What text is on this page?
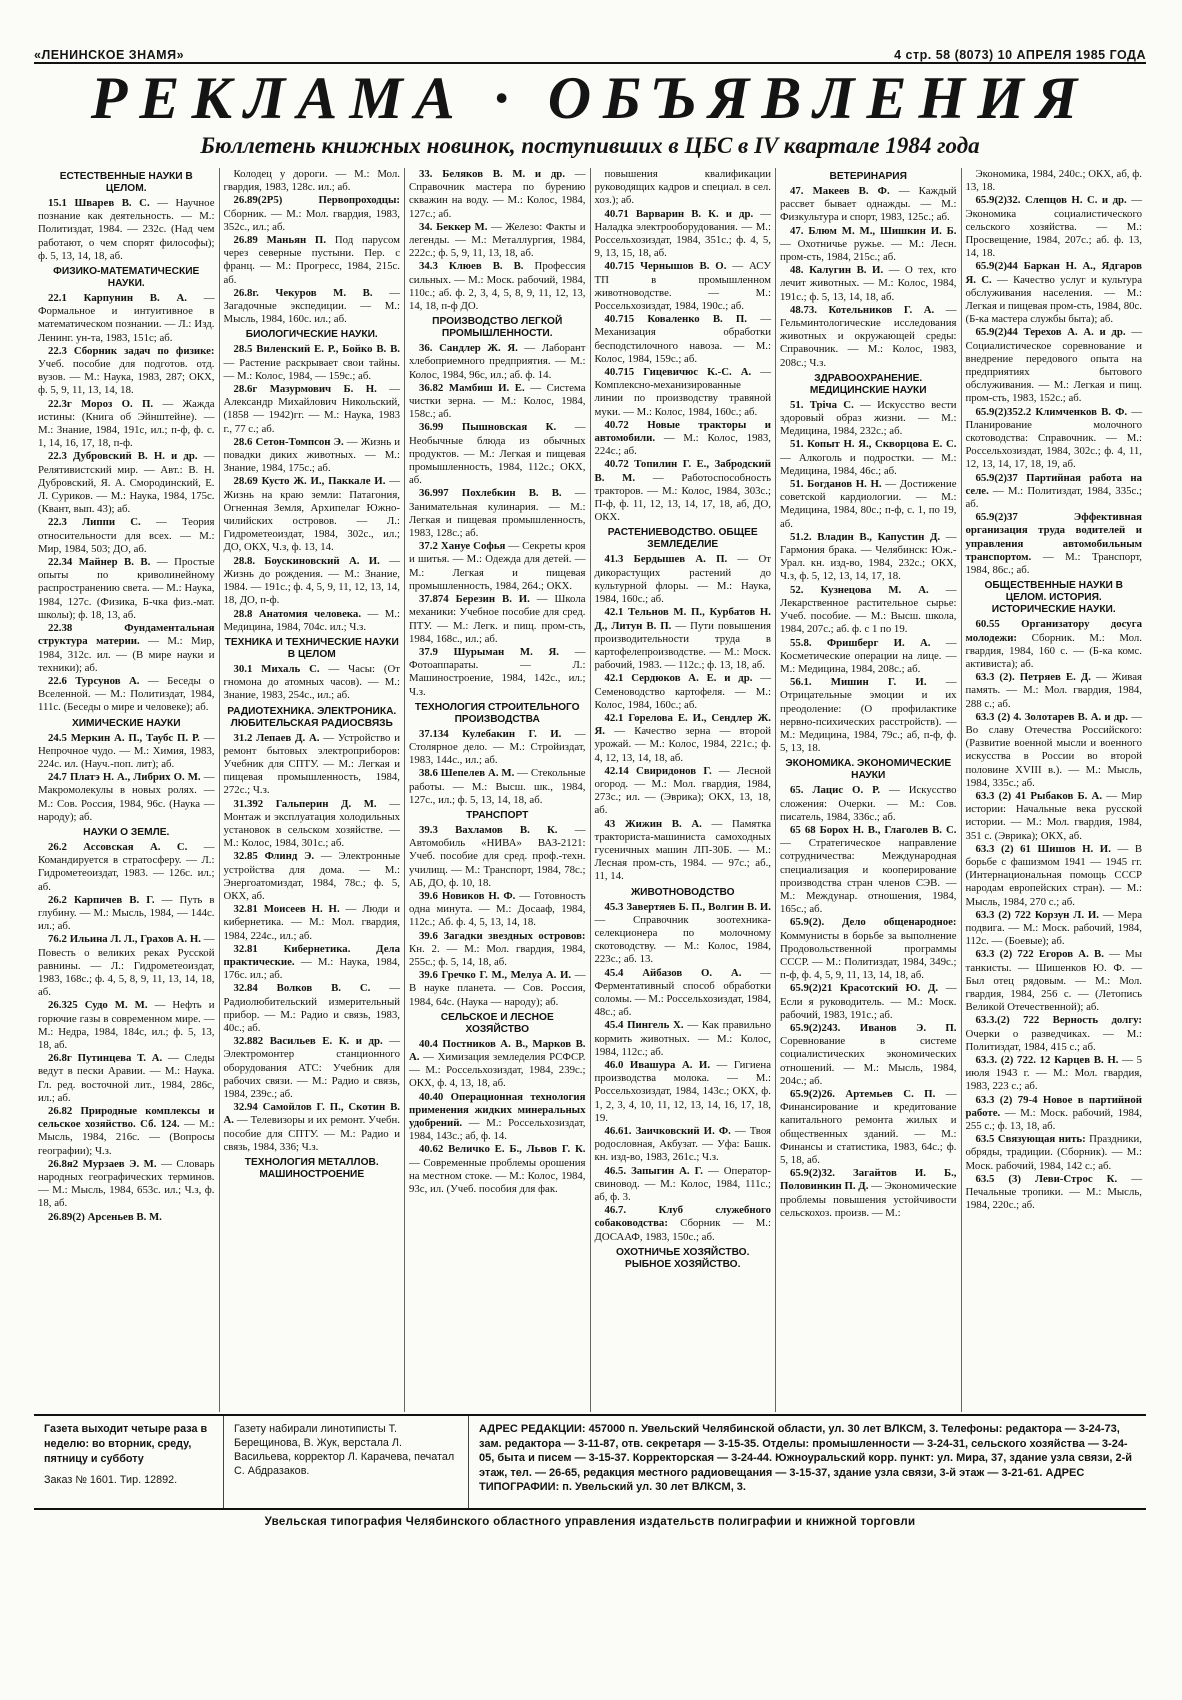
«ЛЕНИНСКОЕ ЗНАМЯ»	4 стр. 58 (8073) 10 АПРЕЛЯ 1985 ГОДА
РЕКЛАМА · ОБЪЯВЛЕНИЯ
Бюллетень книжных новинок, поступивших в ЦБС в IV квартале 1984 года
ЕСТЕСТВЕННЫЕ НАУКИ В ЦЕЛОМ.

15.1 Шварев В. С. — Научное познание как деятельность. — М.: Политиздат, 1984. — 232с. (Над чем работают, о чем спорят философы); ф. 5, 13, 14, 18, аб.

ФИЗИКО-МАТЕМАТИЧЕСКИЕ НАУКИ.

22.1 Карпунин В. А. — Формальное и интуитивное в математическом познании. — Л.: Изд. Ленинг. ун-та, 1983, 151с; аб.

22.3 Сборник задач по физике: Учеб. пособие для подготов. отд. вузов. — М.: Наука, 1983, 287; ОКХ, ф. 5, 9, 11, 13, 14, 18.

22.3г Мороз О. П. — Жажда истины: (Книга об Эйнштейне). — М.: Знание, 1984, 191с, ил.; п-ф, ф. с. 1, 14, 16, 17, 18, п-ф.

22.3 Дубровский В. Н. и др. — Релятивистский мир. — Авт.: В. Н. Дубровский, Я. А. Смородинский, Е. Л. Суриков. — М.: Наука, 1984, 175с. (Квант, вып. 43); аб.

22.3 Липпи С. — Теория относительности для всех. — М.: Мир, 1984, 503; ДО, аб.

22.34 Майнер В. В. — Простые опыты по криволинейному распространению света. — М.: Наука, 1984, 127с. (Физика, Б-чка физ.-мат. школы); ф. 18, 13, аб.

22.38	Фундаментальная структура материи. — М.: Мир, 1984, 312с. ил. — (В мире науки и техники); аб.

22.6 Турсунов А. — Беседы о Вселенной. — М.: Политиздат, 1984, 111с. (Беседы о мире и человеке); аб.

ХИМИЧЕСКИЕ НАУКИ

24.5 Меркин А. П., Таубс П. Р. — Непрочное чудо. — М.: Химия, 1983, 224с. ил. (Науч.-поп. лит); аб.

24.7 Платэ Н. А., Либрих О. М. — Макромолекулы в новых ролях. — М.: Сов. Россия, 1984, 96с. (Наука — народу); аб.

НАУКИ О ЗЕМЛЕ.

26.2 Ассовская А. С. — Командируется в стратосферу. — Л.: Гидрометеоиздат, 1983. — 126с. ил.; аб.

26.2 Карпичев В. Г. — Путь в глубину. — М.: Мысль, 1984, — 144с. ил.; аб.

76.2 Ильина Л. Л., Грахов А. Н. — Повесть о великих реках Русской равнины. — Л.: Гидрометеоиздат, 1983, 168с.; ф. 4, 5, 8, 9, 11, 13, 14, 18, аб.

26.325 Судо М. М. — Нефть и горючие газы в современном мире. — М.: Недра, 1984, 184с, ил.; ф. 5, 13, 18, аб.

26.8г Путинцева Т. А. — Следы ведут в пески Аравии. — М.: Наука. Гл. ред. восточной лит., 1984, 286с, ил.; аб.

26.82 Природные комплексы и сельское хозяйство. Сб. 124. — М.: Мысль, 1984, 216с. — (Вопросы географии); Ч.з.

26.8я2 Мурзаев Э. М. — Словарь народных географических терминов. — М.: Мысль, 1984, 653с. ил.; Ч.з, ф. 18, аб.

26.89(2) Арсеньев В. М.

Колодец у дороги. — М.: Мол. гвардия, 1983, 128с. ил.; аб.

26.89(2Р5)	Первопроходцы: Сборник. — М.: Мол. гвардия, 1983, 352с., ил.; аб.

26.89 Маньян П. Под парусом через северные пустыни. Пер. с франц. — М.: Прогресс, 1984, 215с. аб.

26.8г. Чекуров М. В. — Загадочные экспедиции. — М.: Мысль, 1984, 160с. ил.; аб.

БИОЛОГИЧЕСКИЕ НАУКИ.

28.5 Виленский Е. Р., Бойко В. В. — Растение раскрывает свои тайны. — М.: Колос, 1984, — 159с.; аб.

28.6г Мазурмович Б. Н. — Александр Михайлович Никольский, (1858 — 1942)гг. — М.: Наука, 1983 г., 77 с.; аб.

28.6 Сетон-Томпсон Э. — Жизнь и повадки диких животных. — М.: Знание, 1984, 175с.; аб.

28.69 Кусто Ж. И., Паккале И. — Жизнь на краю земли: Патагония, Огненная Земля, Архипелаг Южно-чилийских островов. — Л.: Гидрометеоиздат, 1984, 302с., ил.; ДО, ОКХ, Ч.з, ф. 13, 14.

28.8. Боускиновский А. И. — Жизнь до рождения. — М.: Знание, 1984. — 191с.; ф. 4, 5, 9, 11, 12, 13, 14, 18, ДО, п-ф.

28.8 Анатомия человека. — М.: Медицина, 1984, 704с. ил.; Ч.з.

ТЕХНИКА И ТЕХНИЧЕСКИЕ НАУКИ В ЦЕЛОМ

30.1 Михаль С. — Часы: (От гномона до атомных часов). — М.: Знание, 1983, 254с., ил.; аб.

РАДИОТЕХНИКА. ЭЛЕКТРОНИКА. ЛЮБИТЕЛЬСКАЯ РАДИОСВЯЗЬ

31.2 Лепаев Д. А. — Устройство и ремонт бытовых электроприборов: Учебник для СПТУ. — М.: Легкая и пищевая промышленность, 1984, 272с.; Ч.з.

31.392 Гальперин Д. М. — Монтаж и эксплуатация холодильных установок в сельском хозяйстве. — М.: Колос, 1984, 301с.; аб.

32.85 Флинд Э. — Электронные устройства для дома. — М.: Энергоатомиздат, 1984, 78с.; ф. 5, ОКХ, аб.

32.81 Моисеев Н. Н. — Люди и кибернетика. — М.: Мол. гвардия, 1984, 224с., ил.; аб.

32.81 Кибернетика. Дела практические. — М.: Наука, 1984, 176с. ил.; аб.

32.84 Волков В. С. — Радиолюбительский измерительный прибор. — М.: Радио и связь, 1983, 40с.; аб.

32.882 Васильев Е. К. и др. — Электромонтер станционного оборудования АТС: Учебник для рабочих связи. — М.: Радио и связь, 1984, 239с.; аб.

32.94 Самойлов Г. П., Скотин В. А. — Телевизоры и их ремонт. Учебн. пособие для СПТУ. — М.: Радио и связь, 1984, 336; Ч.з.

ТЕХНОЛОГИЯ МЕТАЛЛОВ. МАШИНОСТРОЕНИЕ

33. Беляков В. М. и др. — Справочник мастера по бурению скважин на воду. — М.: Колос, 1984, 127с.; аб.

34. Беккер М. — Железо: Факты и легенды. — М.: Металлургия, 1984, 222с.; ф. 5, 9, 11, 13, 18, аб.

34.3 Клюев В. В. Профессия сильных. — М.: Моск. рабочий, 1984, 110с.; аб. ф. 2, 3, 4, 5, 8, 9, 11, 12, 13, 14, 18, п-ф ДО.

ПРОИЗВОДСТВО ЛЕГКОЙ ПРОМЫШЛЕННОСТИ.

36. Сандлер Ж. Я. — Лаборант хлебоприемного предприятия. — М.: Колос, 1984, 96с, ил.; аб. ф. 14.

36.82 Мамбиш И. Е. — Система чистки зерна. — М.: Колос, 1984, 158с.; аб.

36.99 Пышновская К. — Необычные блюда из обычных продуктов. — М.: Легкая и пищевая промышленность, 1984, 112с.; ОКХ, аб.

36.997 Похлебкин В. В. — Занимательная кулинария. — М.: Легкая и пищевая промышленность, 1983, 128с.; аб.

37.2 Хануе Софья — Секреты кроя и шитья. — М.: Одежда для детей. — М.: Легкая и пищевая промышленность, 1984, 264.; ОКХ.

37.874 Березин В. И. — Школа механики: Учебное пособие для сред. ПТУ. — М.: Легк. и пищ. пром-сть, 1984, 168с., ил.; аб.

37.9 Шурыман М. Я. — Фотоаппараты. — Л.: Машиностроение, 1984, 142с., ил.; Ч.з.

ТЕХНОЛОГИЯ СТРОИТЕЛЬНОГО ПРОИЗВОДСТВА

37.134 Кулебакин Г. И. — Столярное дело. — М.: Стройиздат, 1983, 144с., ил.; аб.

38.6 Шепелев А. М. — Стекольные работы. — М.: Высш. шк., 1984, 127с., ил.; ф. 5, 13, 14, 18, аб.

ТРАНСПОРТ

39.3 Вахламов В. К. — Автомобиль «НИВА» ВАЗ-2121: Учеб. пособие для сред. проф.-техн. училищ. — М.: Транспорт, 1984, 78с.; АБ, ДО, ф. 10, 18.

39.6 Новиков Н. Ф. — Готовность одна минута. — М.: Досааф, 1984, 112с.; Аб. ф. 4, 5, 13, 14, 18.

39.6 Загадки звездных островов: Кн. 2. — М.: Мол. гвардия, 1984, 255с.; ф. 5, 14, 18, аб.

39.6 Гречко Г. М., Мелуа А. И. — В науке планета. — Сов. Россия, 1984, 64с. (Наука — народу); аб.

СЕЛЬСКОЕ И ЛЕСНОЕ ХОЗЯЙСТВО

40.4 Постников А. В., Марков В. А. — Химизация земледелия РСФСР. — М.: Россельхозиздат, 1984, 239с.; ОКХ, ф. 4, 13, 18, аб.

40.40 Операционная технология применения жидких минеральных удобрений. — М.: Россельхозиздат, 1984, 143с.; аб, ф. 14.

40.62 Величко Е. Б., Львов Г. К. — Современные проблемы орошения на местном стоке. — М.: Колос, 1984, 93с, ил. (Учеб. пособия для фак.

повышения квалификации руководящих кадров и специал. в сел. хоз.); аб.

40.71 Варварин В. К. и др. — Наладка электрооборудования. — М.: Россельхозиздат, 1984, 351с.; ф. 4, 5, 9, 13, 15, 18, аб.

40.715 Чернышов В. О. — АСУ ТП в промышленном животноводстве. — М.: Россельхозиздат, 1984, 190с.; аб.

40.715 Коваленко В. П. — Механизация обработки бесподстилочного навоза. — М.: Колос, 1984, 159с.; аб.

40.715 Гицевичюс К.-С. А. — Комплексно-механизированные линии по производству травяной муки. — М.: Колос, 1984, 160с.; аб.

40.72 Новые тракторы и автомобили. — М.: Колос, 1983, 224с.; аб.

40.72 Топилин Г. Е., Забродский В. М. — Работоспособность тракторов. — М.: Колос, 1984, 303с.; П-ф, ф. 11, 12, 13, 14, 17, 18, аб, ДО, ОКХ.

РАСТЕНИЕВОДСТВО. ОБЩЕЕ ЗЕМЛЕДЕЛИЕ

41.3 Бердышев А. П. — От дикорастущих растений до культурной флоры. — М.: Наука, 1984, 160с.; аб.

42.1 Тельнов М. П., Курбатов Н. Д., Литун В. П. — Пути повышения производительности труда в картофелепроизводстве. — М.: Моск. рабочий, 1983. — 112с.; ф. 13, 18, аб.

42.1 Сердюков А. Е. и др. — Семеноводство картофеля. — М.: Колос, 1984, 160с.; аб.

42.1 Горелова Е. И., Сендлер Ж. Я. — Качество зерна — второй урожай. — М.: Колос, 1984, 221с.; ф. 4, 12, 13, 14, 18, аб.

42.14 Свиридонов Г. — Лесной огород. — М.: Мол. гвардия, 1984, 273с.; ил. — (Эврика); ОКХ, 13, 18, аб.

43 Жижин В. А. — Памятка тракториста-машиниста самоходных гусеничных машин ЛП-30Б. — М.: Лесная пром-сть, 1984. — 97с.; аб., 11, 14.

ЖИВОТНОВОДСТВО

45.3 Завертяев Б. П., Волгин В. И. — Справочник зоотехника-селекционера по молочному скотоводству. — М.: Колос, 1984, 223с.; аб. 13.

45.4 Айбазов О. А. — Ферментативный способ обработки соломы. — М.: Россельхозиздат, 1984, 48с.; аб.

45.4 Пингель Х. — Как правильно кормить животных. — М.: Колос, 1984, 112с.; аб.

46.0 Ивашура А. И. — Гигиена производства молока. — М.: Россельхозиздат, 1984, 143с.; ОКХ, ф. 1, 2, 3, 4, 10, 11, 12, 13, 14, 16, 17, 18, 19.

46.61. Заичковский И. Ф. — Твоя родословная, Акбузат. — Уфа: Башк. кн. изд-во, 1983, 261с.; Ч.з.

46.5. Запыгин А. Г. — Оператор-свиновод. — М.: Колос, 1984, 111с.; аб, ф. 3.

46.7.	Клуб служебного собаководства: Сборник — М.: ДОСААФ, 1983, 150с.; аб.

ОХОТНИЧЬЕ ХОЗЯЙСТВО. РЫБНОЕ ХОЗЯЙСТВО.
ВЕТЕРИНАРИЯ

47. Макеев В. Ф. — Каждый рассвет бывает однажды. — М.: Физкультура и спорт, 1983, 125с.; аб.

47. Блюм М. М., Шишкин И. Б. — Охотничье ружье. — М.: Лесн. пром-сть, 1984, 215с.; аб.

48. Калугин В. И. — О тех, кто лечит животных. — М.: Колос, 1984, 191с.; ф. 5, 13, 14, 18, аб.

48.73. Котельников Г. А. — Гельминтологические исследования животных и окружающей среды: Справочник. — М.: Колос, 1983, 208с.; Ч.з.

ЗДРАВООХРАНЕНИЕ. МЕДИЦИНСКИЕ НАУКИ

51. Тріча С. — Искусство вести здоровый образ жизни. — М.: Медицина, 1984, 232с.; аб.

51. Копыт Н. Я., Скворцова Е. С. — Алкоголь и подростки. — М.: Медицина, 1984, 46с.; аб.

51. Богданов Н. Н. — Достижение советской кардиологии. — М.: Медицина, 1984, 80с.; п-ф, с. 1, по 19, аб.

51.2. Владин В., Капустин Д. — Гармония брака. — Челябинск: Юж.-Урал. кн. изд-во, 1984, 232с.; ОКХ, Ч.з, ф. 5, 12, 13, 14, 17, 18.

52. Кузнецова М. А. — Лекарственное растительное сырье: Учеб. пособие. — М.: Высш. школа, 1984, 207с.; аб. ф. с 1 по 19.

55.8. Фришберг И. А. — Косметические операции на лице. — М.: Медицина, 1984, 208с.; аб.

56.1. Мишин Г. И. — Отрицательные эмоции и их преодоление: (О профилактике нервно-психических расстройств). — М.: Медицина, 1984, 79с.; аб, п-ф, ф. 5, 13, 18.

ЭКОНОМИКА. ЭКОНОМИЧЕСКИЕ НАУКИ

65. Лацис О. Р. — Искусство сложения: Очерки. — М.: Сов. писатель, 1984, 336с.; аб.

65 68 Борох Н. В., Глаголев В. С. — Стратегическое направление сотрудничества: Международная специализация и кооперирование производства стран членов СЭВ. — М.: Междунар. отношения, 1984, 165с.; аб.

65.9(2). Дело общенародное: Коммунисты в борьбе за выполнение Продовольственной программы СССР. — М.: Политиздат, 1984, 349с.; п-ф, ф. 4, 5, 9, 11, 13, 14, 18, аб.

65.9(2)21 Красотский Ю. Д. — Если я руководитель. — М.: Моск. рабочий, 1983, 191с.; аб.

65.9(2)243. Иванов Э. П. Соревнование в системе социалистических экономических отношений. — М.: Мысль, 1984, 204с.; аб.

65.9(2)26. Артемьев С. П. — Финансирование и кредитование капитального ремонта жилых и общественных зданий. — М.: Финансы и статистика, 1983, 64с.; ф. 5, 18, аб.

65.9(2)32. Загайтов И. Б., Половинкин П. Д. — Экономические проблемы повышения устойчивости сельскохоз. произв. — М.:

Экономика, 1984, 240с.; ОКХ, аб, ф. 13, 18.

65.9(2)32. Слепцов Н. С. и др. — Экономика социалистического сельского хозяйства. — М.: Просвещение, 1984, 207с.; аб. ф. 13, 14, 18.

65.9(2)44 Баркан Н. А., Ядгаров Я. С. — Качество услуг и культура обслуживания населения. — М.: Легкая и пищевая пром-сть, 1984, 80с. (Б-ка мастера службы быта); аб.

65.9(2)44 Терехов А. А. и др. — Социалистическое соревнование и внедрение передового опыта на предприятиях бытового обслуживания. — М.: Легкая и пищ. пром-сть, 1983, 152с.; аб.

65.9(2)352.2 Климченков В. Ф. — Планирование молочного скотоводства: Справочник. — М.: Россельхозиздат, 1984, 302с.; ф. 4, 11, 12, 13, 14, 17, 18, 19, аб.

65.9(2)37 Партийная работа на селе. — М.: Политиздат, 1984, 335с.; аб.

65.9(2)37	Эффективная организация труда водителей и управления автомобильным транспортом. — М.: Транспорт, 1984, 86с.; аб.

ОБЩЕСТВЕННЫЕ НАУКИ В ЦЕЛОМ. ИСТОРИЯ. ИСТОРИЧЕСКИЕ НАУКИ.

60.55 Организатору досуга молодежи: Сборник. М.: Мол. гвардия, 1984, 160 с. — (Б-ка комс. активиста); аб.

63.3 (2). Петряев Е. Д. — Живая память. — М.: Мол. гвардия, 1984, 288 с.; аб.

63.3 (2) 4. Золотарев В. А. и др. — Во славу Отечества Российского: (Развитие военной мысли и военного искусства в России во второй половине XVIII в.). — М.: Мысль, 1984, 335с.; аб.

63.3 (2) 41 Рыбаков Б. А. — Мир истории: Начальные века русской истории. — М.: Мол. гвардия, 1984, 351 с. (Эврика); ОКХ, аб.

63.3 (2) 61 Шишов Н. И. — В борьбе с фашизмом 1941 — 1945 гг. (Интернациональная помощь СССР народам европейских стран). — М.: Мысль, 1984, 270 с.; аб.

63.3 (2) 722 Корзун Л. И. — Мера подвига. — М.: Моск. рабочий, 1984, 112с. — (Боевые); аб.

63.3 (2) 722 Егоров А. В. — Мы танкисты. — Шишенков Ю. Ф. — Был отец рядовым. — М.: Мол. гвардия, 1984, 256 с. — (Летопись Великой Отечественной); аб.

63.3.(2) 722 Верность долгу: Очерки о разведчиках. — М.: Политиздат, 1984, 415 с.; аб.

63.3. (2) 722. 12 Карцев В. Н. — 5 июля 1943 г. — М.: Мол. гвардия, 1983, 223 с.; аб.

63.3 (2) 79-4 Новое в партийной работе. — М.: Моск. рабочий, 1984, 255 с.; ф. 13, 18, аб.

63.5 Связующая нить: Праздники, обряды, традиции. (Сборник). — М.: Моск. рабочий, 1984, 142 с.; аб.

63.5 (3) Леви-Строс К. — Печальные тропики. — М.: Мысль, 1984, 220с.; аб.

Газета выходит четыре раза в неделю: во вторник, среду, пятницу и субботу
Заказ № 1601. Тир. 12892.
Газету набирали линотиписты Т. Берещинова, В. Жук, верстала Л. Васильева, корректор Л. Карачева, печатал С. Абдразаков.
АДРЕС РЕДАКЦИИ: 457000 п. Увельский Челябинской области, ул. 30 лет ВЛКСМ, 3. Телефоны: редактора — 3-24-73, зам. редактора — 3-11-87, отв. секретаря — 3-15-35. Отделы: промышленности — 3-24-31, сельского хозяйства — 3-24-05, быта и писем — 3-15-37. Корректорская — 3-24-44. Южноуральский корр. пункт: ул. Мира, 37, здание узла связи, 2-й этаж, тел. — 26-65, редакция местного радиовещания — 3-15-37, здание узла связи, 3-й этаж — 3-21-61. АДРЕС ТИПОГРАФИИ: п. Увельский ул. 30 лет ВЛКСМ, 3.
Увельская типография Челябинского областного управления издательств полиграфии и книжной торговли
